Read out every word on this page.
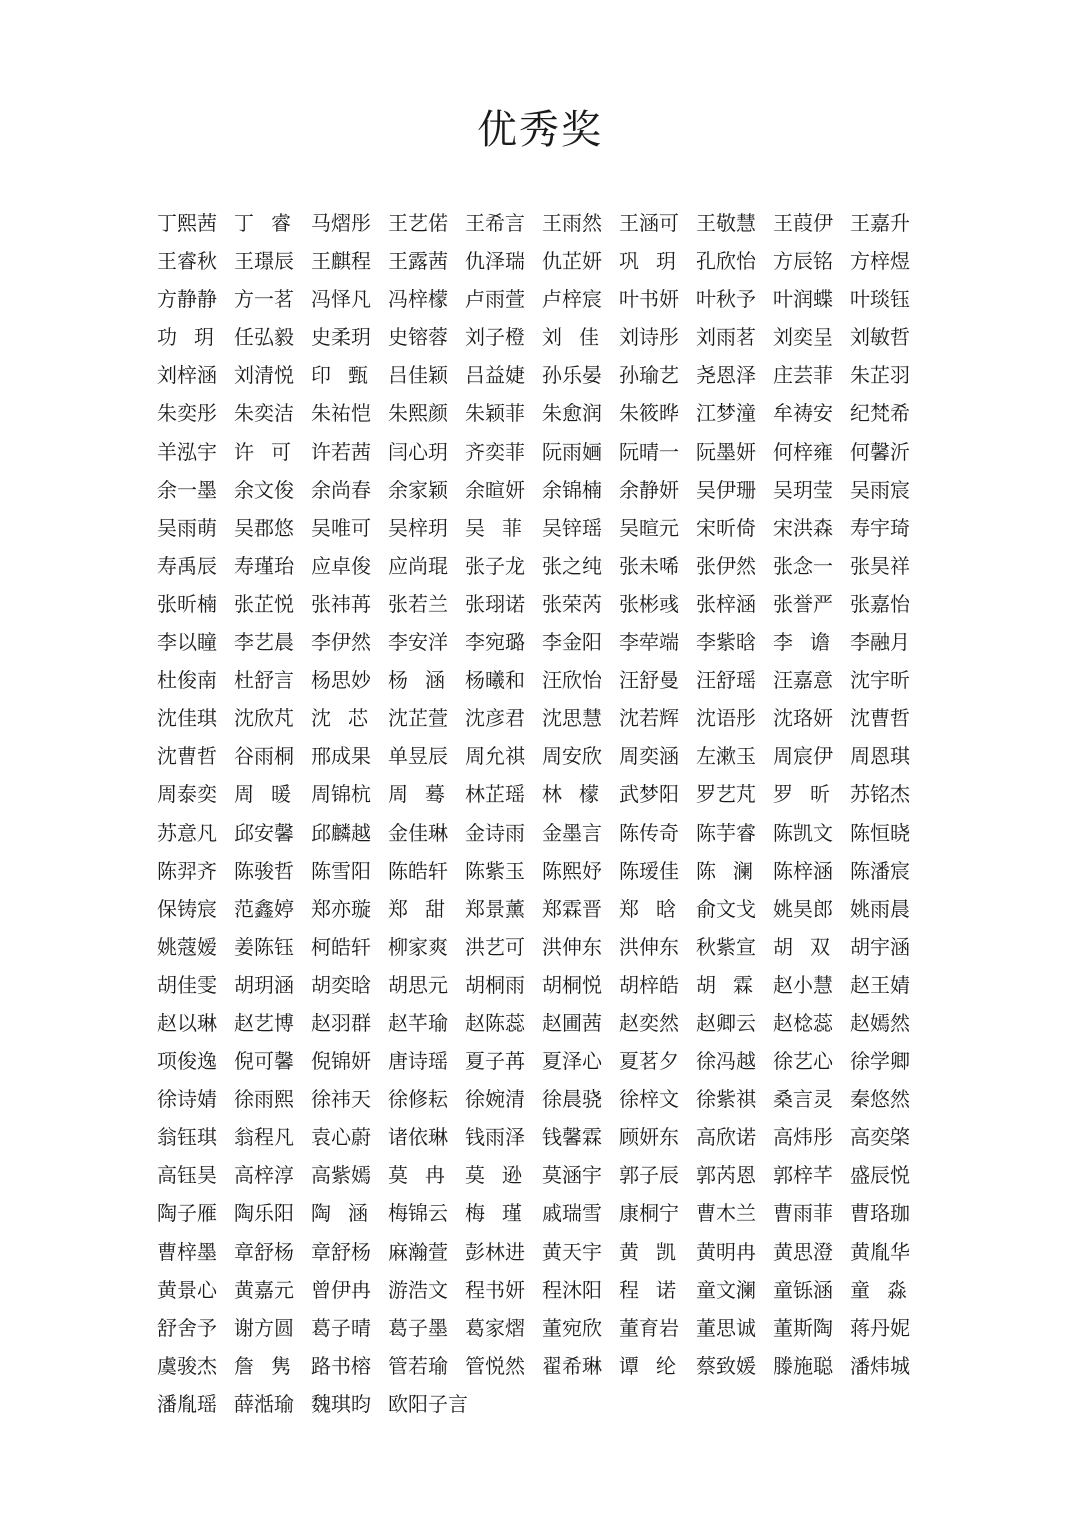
优秀奖
丁熙茜 丁 睿 马熠彤 王艺偌 王希言 王雨然 王涵可 王敬慧 王葭伊 王嘉升
王睿秋 王璟辰 王麒程 王露茜 仇泽瑞 仇芷妍 巩 玥 孔欣怡 方辰铭 方梓煜
方静静 方一茗 冯怿凡 冯梓檬 卢雨萱 卢梓宸 叶书妍 叶秋予 叶润蝶 叶琰钰
功 玥 任弘毅 史柔玥 史镕蓉 刘子橙 刘 佳 刘诗彤 刘雨茗 刘奕呈 刘敏哲
刘梓涵 刘清悦 印 甄 吕佳颖 吕益婕 孙乐晏 孙瑜艺 尧恩泽 庄芸菲 朱芷羽
朱奕彤 朱奕洁 朱祐恺 朱熙颜 朱颖菲 朱愈润 朱筱晔 江梦潼 牟祷安 纪梵希
羊泓宇 许 可 许若茜 闫心玥 齐奕菲 阮雨婳 阮晴一 阮墨妍 何梓雍 何馨沂
余一墨 余文俊 余尚春 余家颖 余暄妍 余锦楠 余静妍 吴伊珊 吴玥莹 吴雨宸
吴雨萌 吴郡悠 吴唯可 吴梓玥 吴 菲 吴锌瑶 吴暄元 宋昕倚 宋洪森 寿宇琦
寿禹辰 寿瑾珆 应卓俊 应尚琨 张子龙 张之纯 张未唏 张伊然 张念一 张昊祥
张昕楠 张芷悦 张祎苒 张若兰 张珝诺 张荣芮 张彬彧 张梓涵 张誉严 张嘉怡
李以瞳 李艺晨 李伊然 李安洋 李宛璐 李金阳 李荦端 李紫晗 李 谵 李融月
杜俊南 杜舒言 杨思妙 杨 涵 杨曦和 汪欣怡 汪舒曼 汪舒瑶 汪嘉意 沈宇昕
沈佳琪 沈欣芃 沈 芯 沈芷萱 沈彦君 沈思慧 沈若辉 沈语彤 沈珞妍 沈曹哲
沈曹哲 谷雨桐 邢成果 单昱辰 周允祺 周安欣 周奕涵 左漱玉 周宸伊 周恩琪
周泰奕 周 暖 周锦杭 周 蓦 林芷瑶 林 檬 武梦阳 罗艺芃 罗 昕 苏铭杰
苏意凡 邱安馨 邱麟越 金佳琳 金诗雨 金墨言 陈传奇 陈芋睿 陈凯文 陈恒晓
陈羿齐 陈骏哲 陈雪阳 陈皓轩 陈紫玉 陈熙妤 陈瑷佳 陈 澜 陈梓涵 陈潘宸
保铸宸 范鑫婷 郑亦璇 郑 甜 郑景薰 郑霖晋 郑 晗 俞文戈 姚昊郎 姚雨晨
姚蔻嫒 姜陈钰 柯皓轩 柳家爽 洪艺可 洪伸东 洪伸东 秋紫宣 胡 双 胡宇涵
胡佳雯 胡玥涵 胡奕晗 胡思元 胡桐雨 胡桐悦 胡梓皓 胡 霖 赵小慧 赵王婧
赵以琳 赵艺博 赵羽群 赵芊瑜 赵陈蕊 赵圃茜 赵奕然 赵卿云 赵棯蕊 赵嫣然
项俊逸 倪可馨 倪锦妍 唐诗瑶 夏子苒 夏泽心 夏茗夕 徐冯越 徐艺心 徐学卿
徐诗婧 徐雨熙 徐祎天 徐修耘 徐婉清 徐晨骁 徐梓文 徐紫祺 桑言灵 秦悠然
翁钰琪 翁程凡 袁心蔚 诸依琳 钱雨泽 钱馨霖 顾妍东 高欣诺 高炜彤 高奕棨
高钰昊 高梓淳 高紫嫣 莫 冉 莫 逊 莫涵宇 郭子辰 郭芮恩 郭梓芊 盛辰悦
陶子雁 陶乐阳 陶 涵 梅锦云 梅 瑾 戚瑞雪 康桐宁 曹木兰 曹雨菲 曹珞珈
曹梓墨 章舒杨 章舒杨 麻瀚萱 彭林进 黄天宇 黄 凯 黄明冉 黄思澄 黄胤华
黄景心 黄嘉元 曾伊冉 游浩文 程书妍 程沐阳 程 诺 童文澜 童铄涵 童 淼
舒舍予 谢方圆 葛子晴 葛子墨 葛家熠 董宛欣 董育岩 董思诚 董斯陶 蒋丹妮
虞骏杰 詹 隽 路书榕 管若瑜 管悦然 翟希琳 谭 纶 蔡致媛 滕施聪 潘炜城
潘胤瑶 薛湉瑜 魏琪昀 欧阳子言
